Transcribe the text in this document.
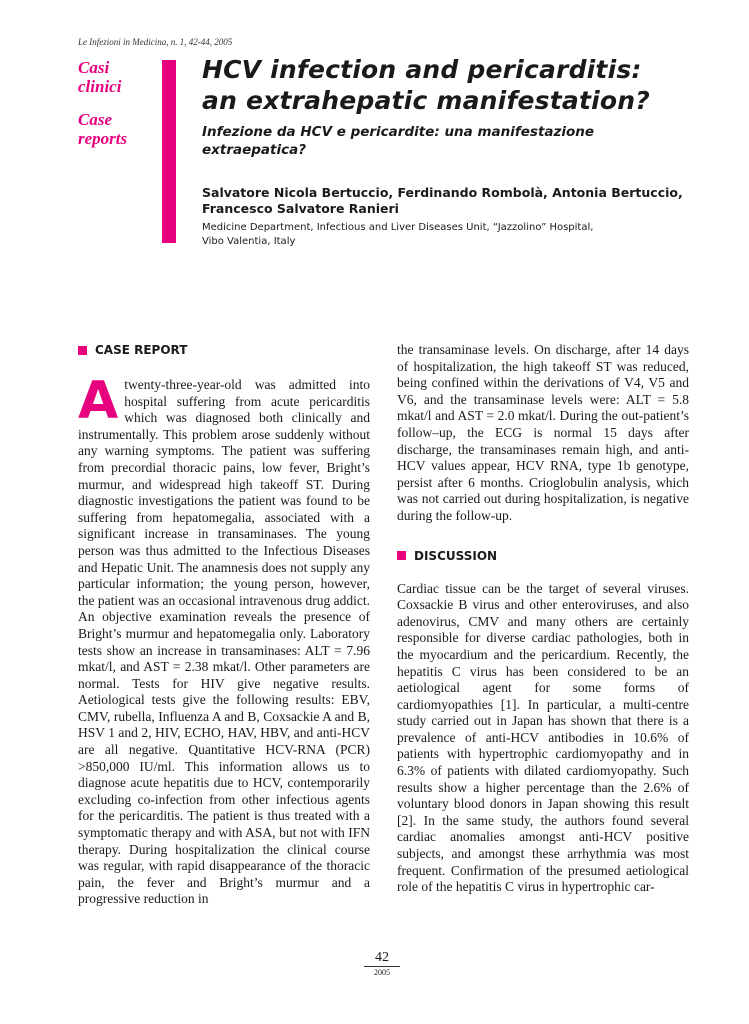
Le Infezioni in Medicina, n. 1, 42-44, 2005
Casi
clinici
Case
reports
HCV infection and pericarditis:
an extrahepatic manifestation?
Infezione da HCV e pericardite: una manifestazione
extraepatica?
Salvatore Nicola Bertuccio, Ferdinando Rombolà, Antonia Bertuccio,
Francesco Salvatore Ranieri
Medicine Department, Infectious and Liver Diseases Unit, “Jazzolino” Hospital,
Vibo Valentia, Italy
CASE REPORT

Atwenty-three-year-old was admitted into hospital suffering from acute pericarditis which was diagnosed both clinically and instrumentally. This problem arose suddenly without any warning symptoms. The patient was suffering from precordial thoracic pains, low fever, Bright’s murmur, and widespread high takeoff ST. During diagnostic investigations the patient was found to be suffering from hepatomegalia, associated with a significant increase in transaminases. The young person was thus admitted to the Infectious Diseases and Hepatic Unit. The anamnesis does not supply any particular information; the young person, however, the patient was an occasional intravenous drug addict. An objective examination reveals the presence of Bright’s murmur and hepatomegalia only. Laboratory tests show an increase in transaminases: ALT = 7.96 mkat/l, and AST = 2.38 mkat/l. Other parameters are normal. Tests for HIV give negative results. Aetiological tests give the following results: EBV, CMV, rubella, Influenza A and B, Coxsackie A and B, HSV 1 and 2, HIV, ECHO, HAV, HBV, and anti-HCV are all negative. Quantitative HCV-RNA (PCR) >850,000 IU/ml. This information allows us to diagnose acute hepatitis due to HCV, contemporarily excluding co-infection from other infectious agents for the pericarditis. The patient is thus treated with a symptomatic therapy and with ASA, but not with IFN therapy. During hospitalization the clinical course was regular, with rapid disappearance of the thoracic pain, the fever and Bright’s murmur and a progressive reduction in

the transaminase levels. On discharge, after 14 days of hospitalization, the high takeoff ST was reduced, being confined within the derivations of V4, V5 and V6, and the transaminase levels were: ALT = 5.8 mkat/l and AST = 2.0 mkat/l. During the out-patient’s follow–up, the ECG is normal 15 days after discharge, the transaminases remain high, and anti-HCV values appear, HCV RNA, type 1b genotype, persist after 6 months. Crioglobulin analysis, which was not carried out during hospitalization, is negative during the follow-up.

DISCUSSION

Cardiac tissue can be the target of several viruses. Coxsackie B virus and other enteroviruses, and also adenovirus, CMV and many others are certainly responsible for diverse cardiac pathologies, both in the myocardium and the pericardium. Recently, the hepatitis C virus has been considered to be an aetiological agent for some forms of cardiomyopathies [1]. In particular, a multi-centre study carried out in Japan has shown that there is a prevalence of anti-HCV antibodies in 10.6% of patients with hypertrophic cardiomyopathy and in 6.3% of patients with dilated cardiomyopathy. Such results show a higher percentage than the 2.6% of voluntary blood donors in Japan showing this result [2]. In the same study, the authors found several cardiac anomalies amongst anti-HCV positive subjects, and amongst these arrhythmia was most frequent. Confirmation of the presumed aetiological role of the hepatitis C virus in hypertrophic car-

42
2005
